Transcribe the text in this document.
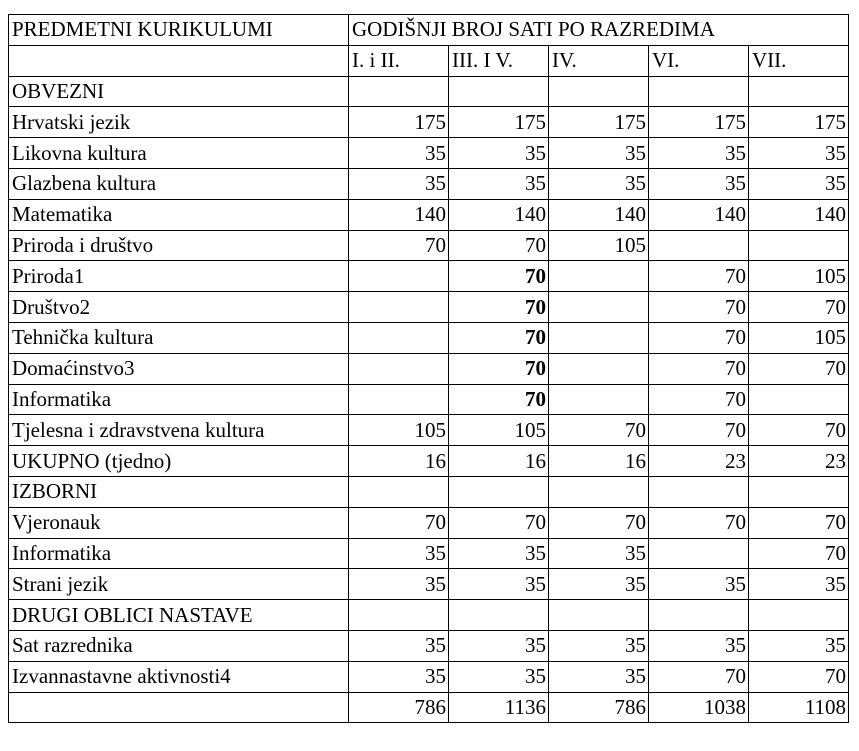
PREDMETNI KURIKULUMI	GODIŠNJI BROJ SATI PO RAZREDIMA				
	I. i II.	III. I V.	IV.	VI.	VII.
OBVEZNI					
Hrvatski jezik	175	175	175	175	175
Likovna kultura	35	35	35	35	35
Glazbena kultura	35	35	35	35	35
Matematika	140	140	140	140	140
Priroda i društvo	70	70	105		
Priroda1		70		70	105
Društvo2		70		70	70
Tehnička kultura		70		70	105
Domaćinstvo3		70		70	70
Informatika		70		70	
Tjelesna i zdravstvena kultura	105	105	70	70	70
UKUPNO (tjedno)	16	16	16	23	23
IZBORNI					
Vjeronauk	70	70	70	70	70
Informatika	35	35	35		70
Strani jezik	35	35	35	35	35
DRUGI OBLICI NASTAVE					
Sat razrednika	35	35	35	35	35
Izvannastavne aktivnosti4	35	35	35	70	70
	786	1136	786	1038	1108
